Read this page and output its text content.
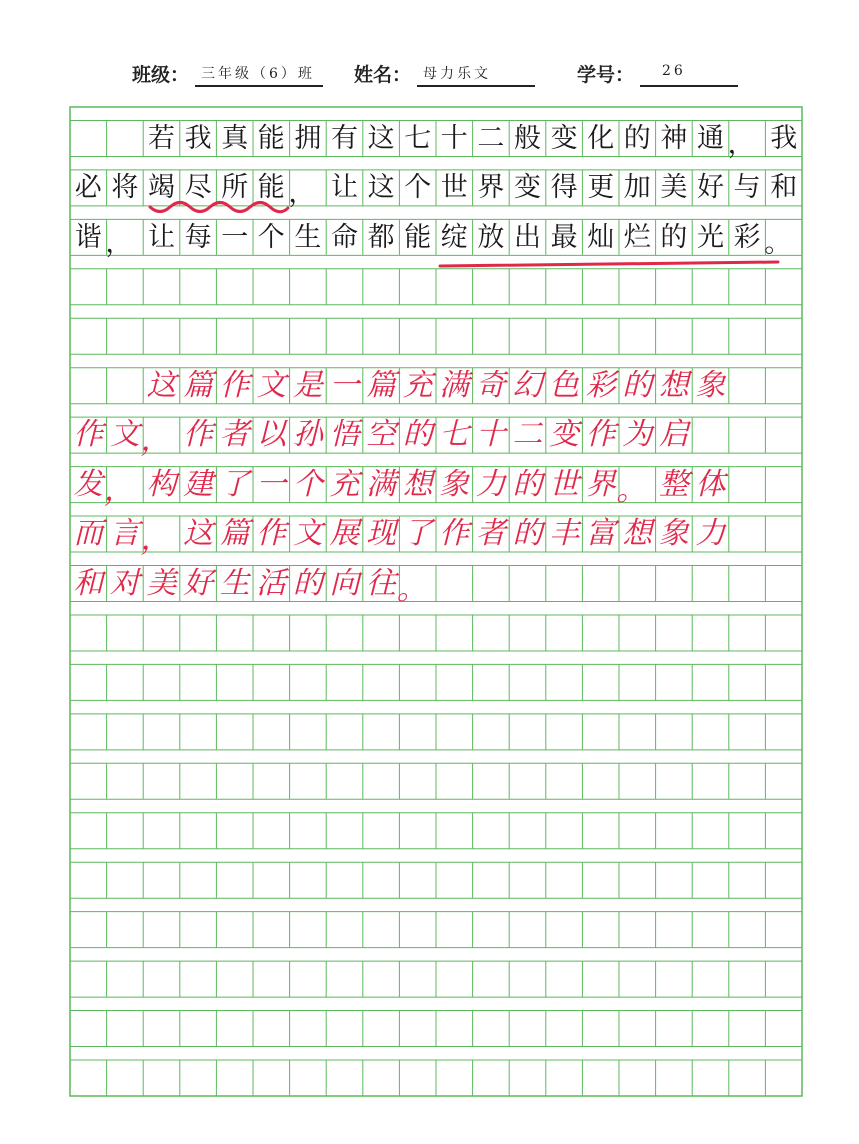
班级： 三年级（6）班	姓名： 母力乐文	学号：	26
若 我 真 能 拥 有 这 七 十 二 般 变 化 的 神 通 ， 我
必 将 竭 尽 所 能 ， 让 这 个 世 界 变 得 更 加 美 好 与 和
谐 ， 让 每 一 个 生 命 都 能 绽 放 出 最 灿 烂 的 光 彩 。
这 篇 作 文 是 一 篇 充 满 奇 幻 色 彩 的 想 象
作 文 ， 作 者 以 孙 悟 空 的 七 十 二 变 作 为 启
发 ， 构 建 了 一 个 充 满 想 象 力 的 世 界 。 整 体
而 言 ， 这 篇 作 文 展 现 了 作 者 的 丰 富 想 象 力
和 对 美 好 生 活 的 向 往 。
